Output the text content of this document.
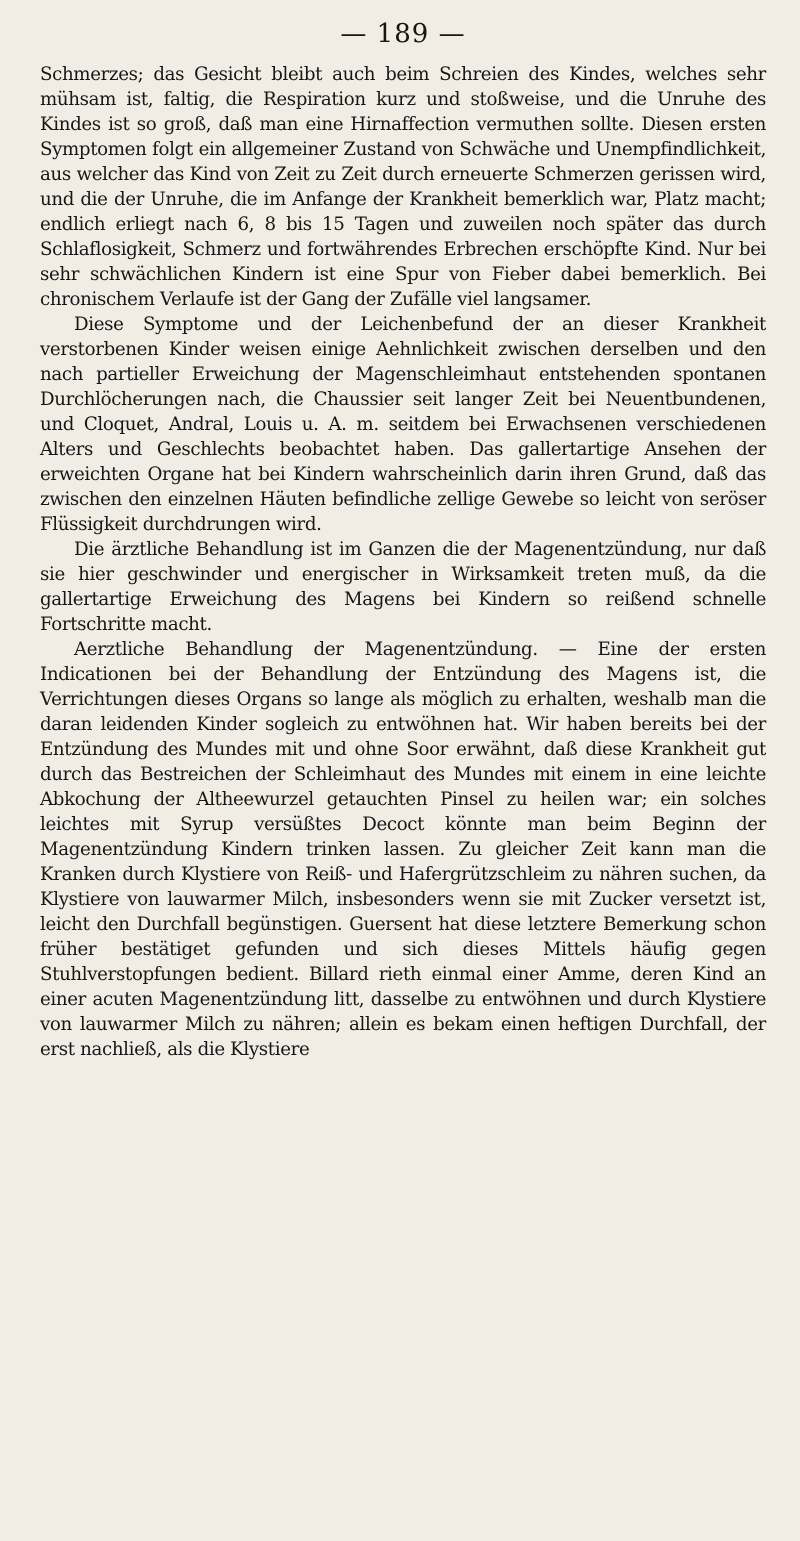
— 189 —

Schmerzes; das Gesicht bleibt auch beim Schreien des Kindes, welches sehr mühsam ist, faltig, die Respiration kurz und stoßweise, und die Unruhe des Kindes ist so groß, daß man eine Hirnaffection vermuthen sollte. Diesen ersten Symptomen folgt ein allgemeiner Zustand von Schwäche und Unempfindlichkeit, aus welcher das Kind von Zeit zu Zeit durch erneuerte Schmerzen gerissen wird, und die der Unruhe, die im Anfange der Krankheit bemerklich war, Platz macht; endlich erliegt nach 6, 8 bis 15 Tagen und zuweilen noch später das durch Schlaflosigkeit, Schmerz und fortwährendes Erbrechen erschöpfte Kind. Nur bei sehr schwächlichen Kindern ist eine Spur von Fieber dabei bemerklich. Bei chronischem Verlaufe ist der Gang der Zufälle viel langsamer.

Diese Symptome und der Leichenbefund der an dieser Krankheit verstorbenen Kinder weisen einige Aehnlichkeit zwischen derselben und den nach partieller Erweichung der Magenschleimhaut entstehenden spontanen Durchlöcherungen nach, die Chaussier seit langer Zeit bei Neuentbundenen, und Cloquet, Andral, Louis u. A. m. seitdem bei Erwachsenen verschiedenen Alters und Geschlechts beobachtet haben. Das gallertartige Ansehen der erweichten Organe hat bei Kindern wahrscheinlich darin ihren Grund, daß das zwischen den einzelnen Häuten befindliche zellige Gewebe so leicht von seröser Flüssigkeit durchdrungen wird.

Die ärztliche Behandlung ist im Ganzen die der Magenentzündung, nur daß sie hier geschwinder und energischer in Wirksamkeit treten muß, da die gallertartige Erweichung des Magens bei Kindern so reißend schnelle Fortschritte macht.

Aerztliche Behandlung der Magenentzündung. — Eine der ersten Indicationen bei der Behandlung der Entzündung des Magens ist, die Verrichtungen dieses Organs so lange als möglich zu erhalten, weshalb man die daran leidenden Kinder sogleich zu entwöhnen hat. Wir haben bereits bei der Entzündung des Mundes mit und ohne Soor erwähnt, daß diese Krankheit gut durch das Bestreichen der Schleimhaut des Mundes mit einem in eine leichte Abkochung der Altheewurzel getauchten Pinsel zu heilen war; ein solches leichtes mit Syrup versüßtes Decoct könnte man beim Beginn der Magenentzündung Kindern trinken lassen. Zu gleicher Zeit kann man die Kranken durch Klystiere von Reiß- und Hafergrützschleim zu nähren suchen, da Klystiere von lauwarmer Milch, insbesonders wenn sie mit Zucker versetzt ist, leicht den Durchfall begünstigen. Guersent hat diese letztere Bemerkung schon früher bestätiget gefunden und sich dieses Mittels häufig gegen Stuhlverstopfungen bedient. Billard rieth einmal einer Amme, deren Kind an einer acuten Magenentzündung litt, dasselbe zu entwöhnen und durch Klystiere von lauwarmer Milch zu nähren; allein es bekam einen heftigen Durchfall, der erst nachließ, als die Klystiere
